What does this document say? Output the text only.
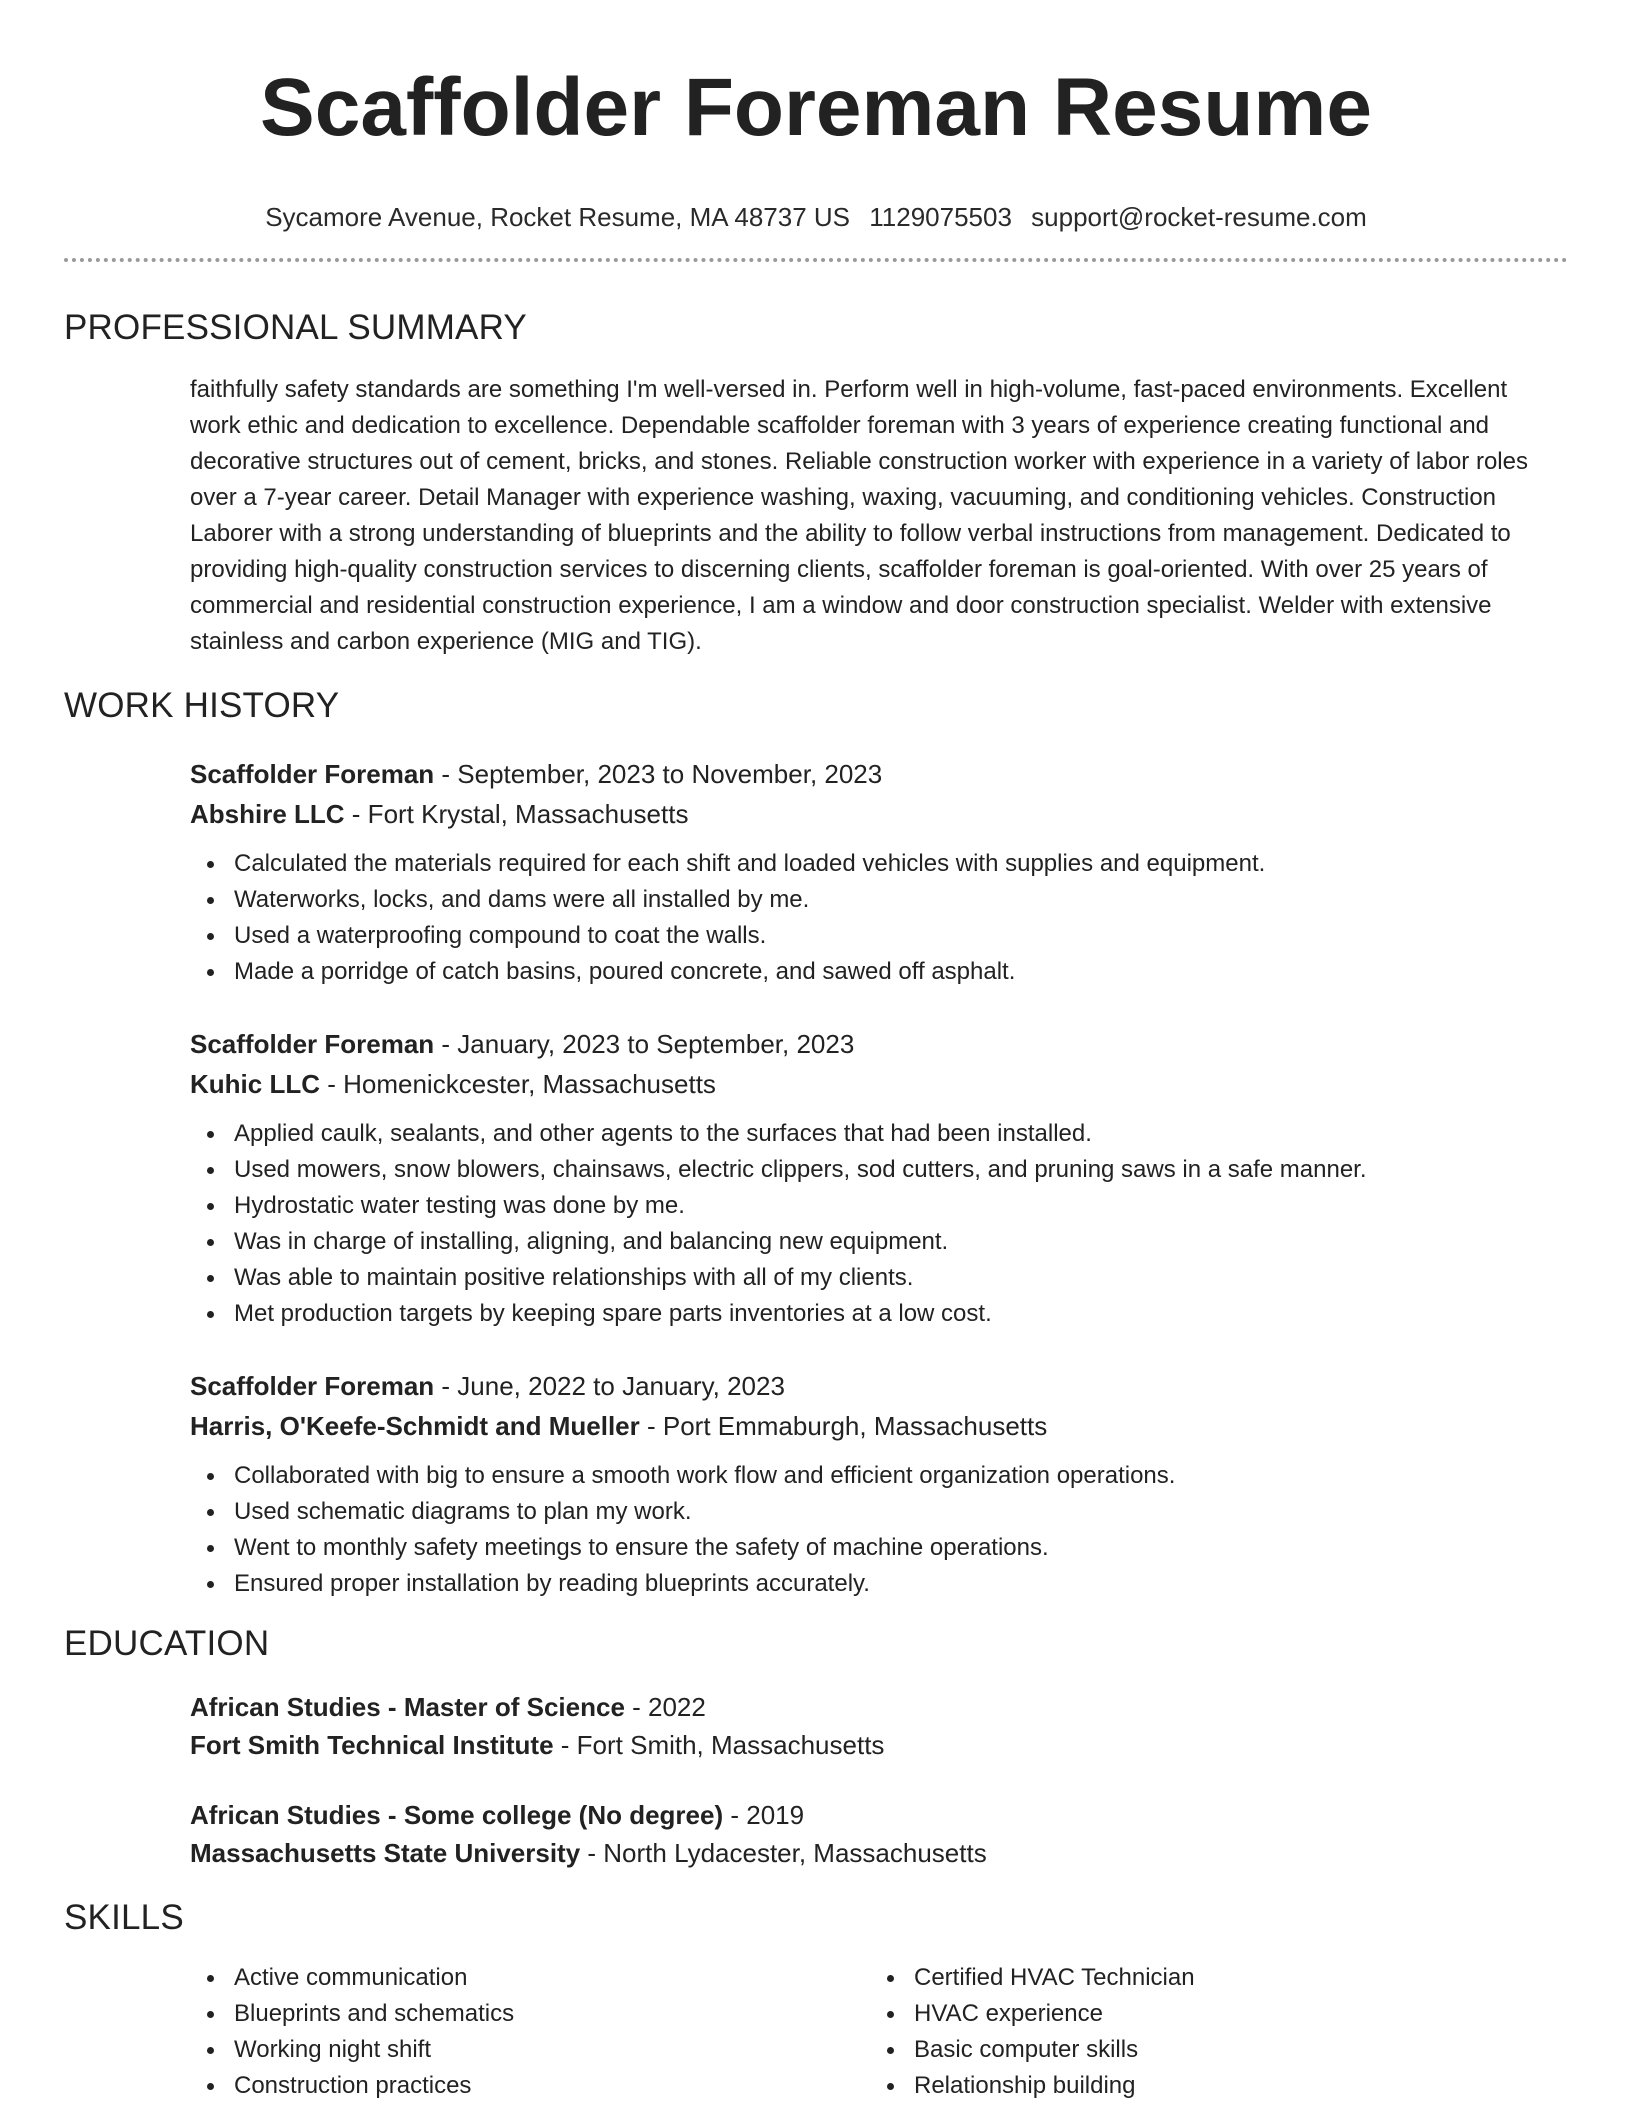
Scaffolder Foreman Resume
Sycamore Avenue, Rocket Resume, MA 48737 US 1129075503 support@rocket-resume.com
PROFESSIONAL SUMMARY

faithfully safety standards are something I'm well-versed in. Perform well in high-volume, fast-paced environments. Excellent work ethic and dedication to excellence. Dependable scaffolder foreman with 3 years of experience creating functional and decorative structures out of cement, bricks, and stones. Reliable construction worker with experience in a variety of labor roles over a 7-year career. Detail Manager with experience washing, waxing, vacuuming, and conditioning vehicles. Construction Laborer with a strong understanding of blueprints and the ability to follow verbal instructions from management. Dedicated to providing high-quality construction services to discerning clients, scaffolder foreman is goal-oriented. With over 25 years of commercial and residential construction experience, I am a window and door construction specialist. Welder with extensive stainless and carbon experience (MIG and TIG).

WORK HISTORY
Scaffolder Foreman - September, 2023 to November, 2023
Abshire LLC - Fort Krystal, Massachusetts
Calculated the materials required for each shift and loaded vehicles with supplies and equipment.
Waterworks, locks, and dams were all installed by me.
Used a waterproofing compound to coat the walls.
Made a porridge of catch basins, poured concrete, and sawed off asphalt.
Scaffolder Foreman - January, 2023 to September, 2023
Kuhic LLC - Homenickcester, Massachusetts
Applied caulk, sealants, and other agents to the surfaces that had been installed.
Used mowers, snow blowers, chainsaws, electric clippers, sod cutters, and pruning saws in a safe manner.
Hydrostatic water testing was done by me.
Was in charge of installing, aligning, and balancing new equipment.
Was able to maintain positive relationships with all of my clients.
Met production targets by keeping spare parts inventories at a low cost.
Scaffolder Foreman - June, 2022 to January, 2023
Harris, O'Keefe-Schmidt and Mueller - Port Emmaburgh, Massachusetts
Collaborated with big to ensure a smooth work flow and efficient organization operations.
Used schematic diagrams to plan my work.
Went to monthly safety meetings to ensure the safety of machine operations.
Ensured proper installation by reading blueprints accurately.
EDUCATION
African Studies - Master of Science - 2022
Fort Smith Technical Institute - Fort Smith, Massachusetts
African Studies - Some college (No degree) - 2019
Massachusetts State University - North Lydacester, Massachusetts
SKILLS
Active communication
Blueprints and schematics
Working night shift
Construction practices
Certified HVAC Technician
HVAC experience
Basic computer skills
Relationship building
